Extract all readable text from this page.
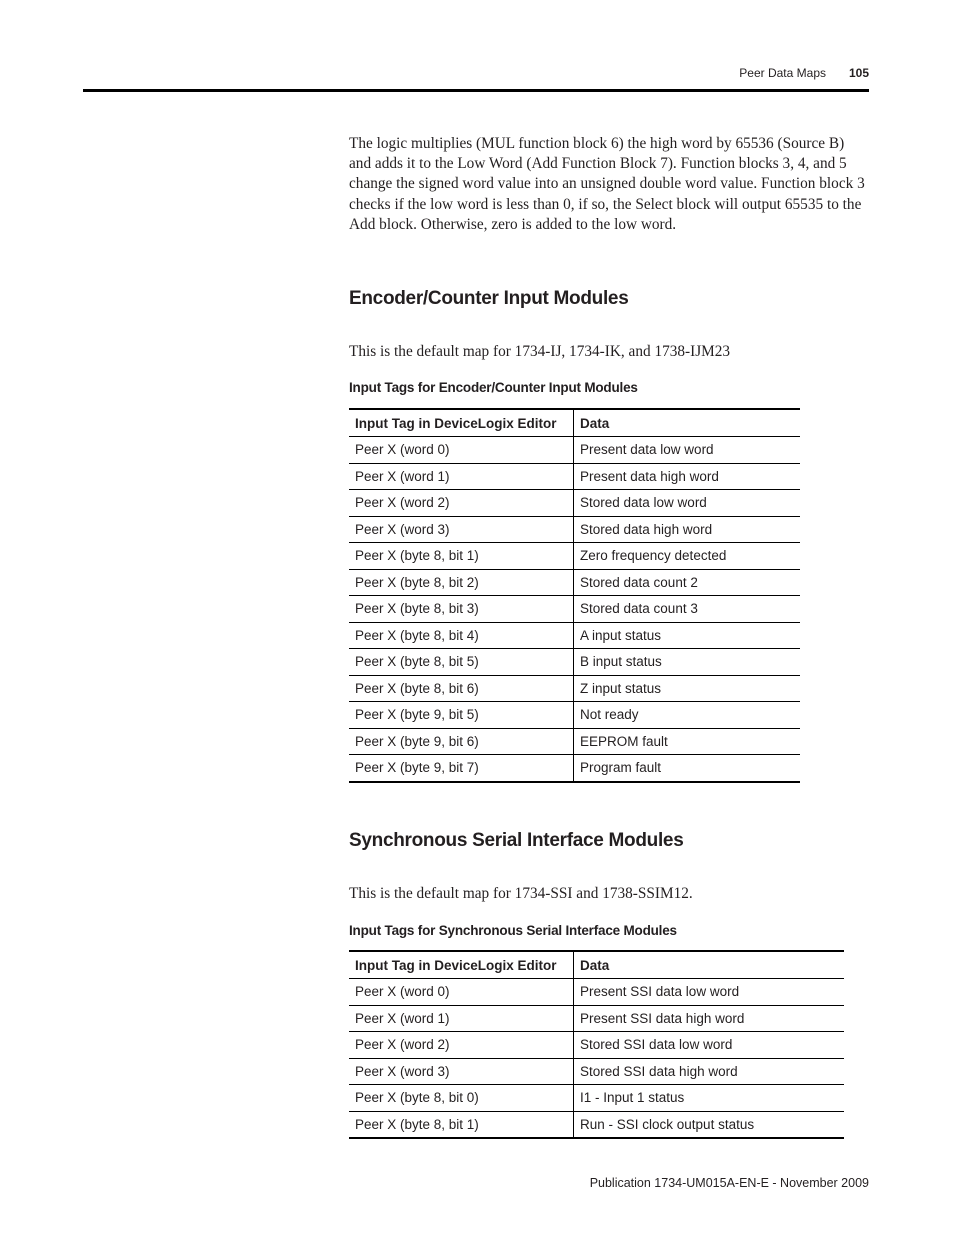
Peer Data Maps 105

The logic multiplies (MUL function block 6) the high word by 65536 (Source B) and adds it to the Low Word (Add Function Block 7). Function blocks 3, 4, and 5 change the signed word value into an unsigned double word value. Function block 3 checks if the low word is less than 0, if so, the Select block will output 65535 to the Add block. Otherwise, zero is added to the low word.

Encoder/Counter Input Modules

This is the default map for 1734-IJ, 1734-IK, and 1738-IJM23

Input Tags for Encoder/Counter Input Modules

Input Tag in DeviceLogix Editor	Data
Peer X (word 0)	Present data low word
Peer X (word 1)	Present data high word
Peer X (word 2)	Stored data low word
Peer X (word 3)	Stored data high word
Peer X (byte 8, bit 1)	Zero frequency detected
Peer X (byte 8, bit 2)	Stored data count 2
Peer X (byte 8, bit 3)	Stored data count 3
Peer X (byte 8, bit 4)	A input status
Peer X (byte 8, bit 5)	B input status
Peer X (byte 8, bit 6)	Z input status
Peer X (byte 9, bit 5)	Not ready
Peer X (byte 9, bit 6)	EEPROM fault
Peer X (byte 9, bit 7)	Program fault
Synchronous Serial Interface Modules

This is the default map for 1734-SSI and 1738-SSIM12.

Input Tags for Synchronous Serial Interface Modules

Input Tag in DeviceLogix Editor	Data
Peer X (word 0)	Present SSI data low word
Peer X (word 1)	Present SSI data high word
Peer X (word 2)	Stored SSI data low word
Peer X (word 3)	Stored SSI data high word
Peer X (byte 8, bit 0)	I1 - Input 1 status
Peer X (byte 8, bit 1)	Run - SSI clock output status
Publication 1734-UM015A-EN-E - November 2009
